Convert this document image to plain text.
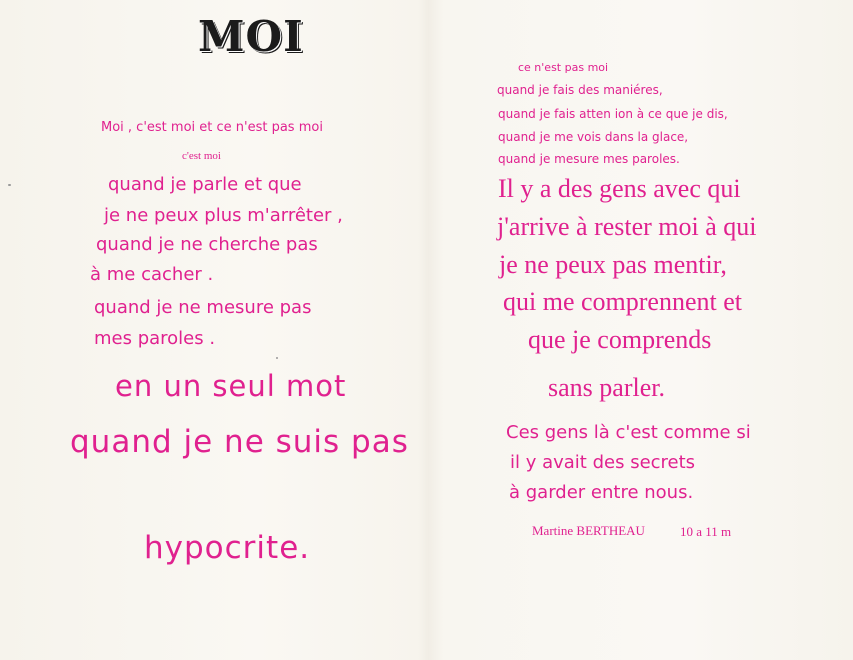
MOI

Moi , c'est moi et ce n'est pas moi

c'est moi

quand je parle et que

je ne peux plus m'arrêter ,

quand je ne cherche pas

à me cacher .

quand je ne mesure pas

mes paroles .

en un seul mot

quand je ne suis pas

hypocrite.

ce n'est pas moi

quand je fais des maniéres,

quand je fais atten ion à ce que je dis,

quand je me vois dans la glace,

quand je mesure mes paroles.

Il y a des gens avec qui

j'arrive à rester moi à qui

je ne peux pas mentir,

qui me comprennent et

que je comprends

sans parler.

Ces gens là c'est comme si

il y avait des secrets

à garder entre nous.

Martine BERTHEAU	10 a 11 m
